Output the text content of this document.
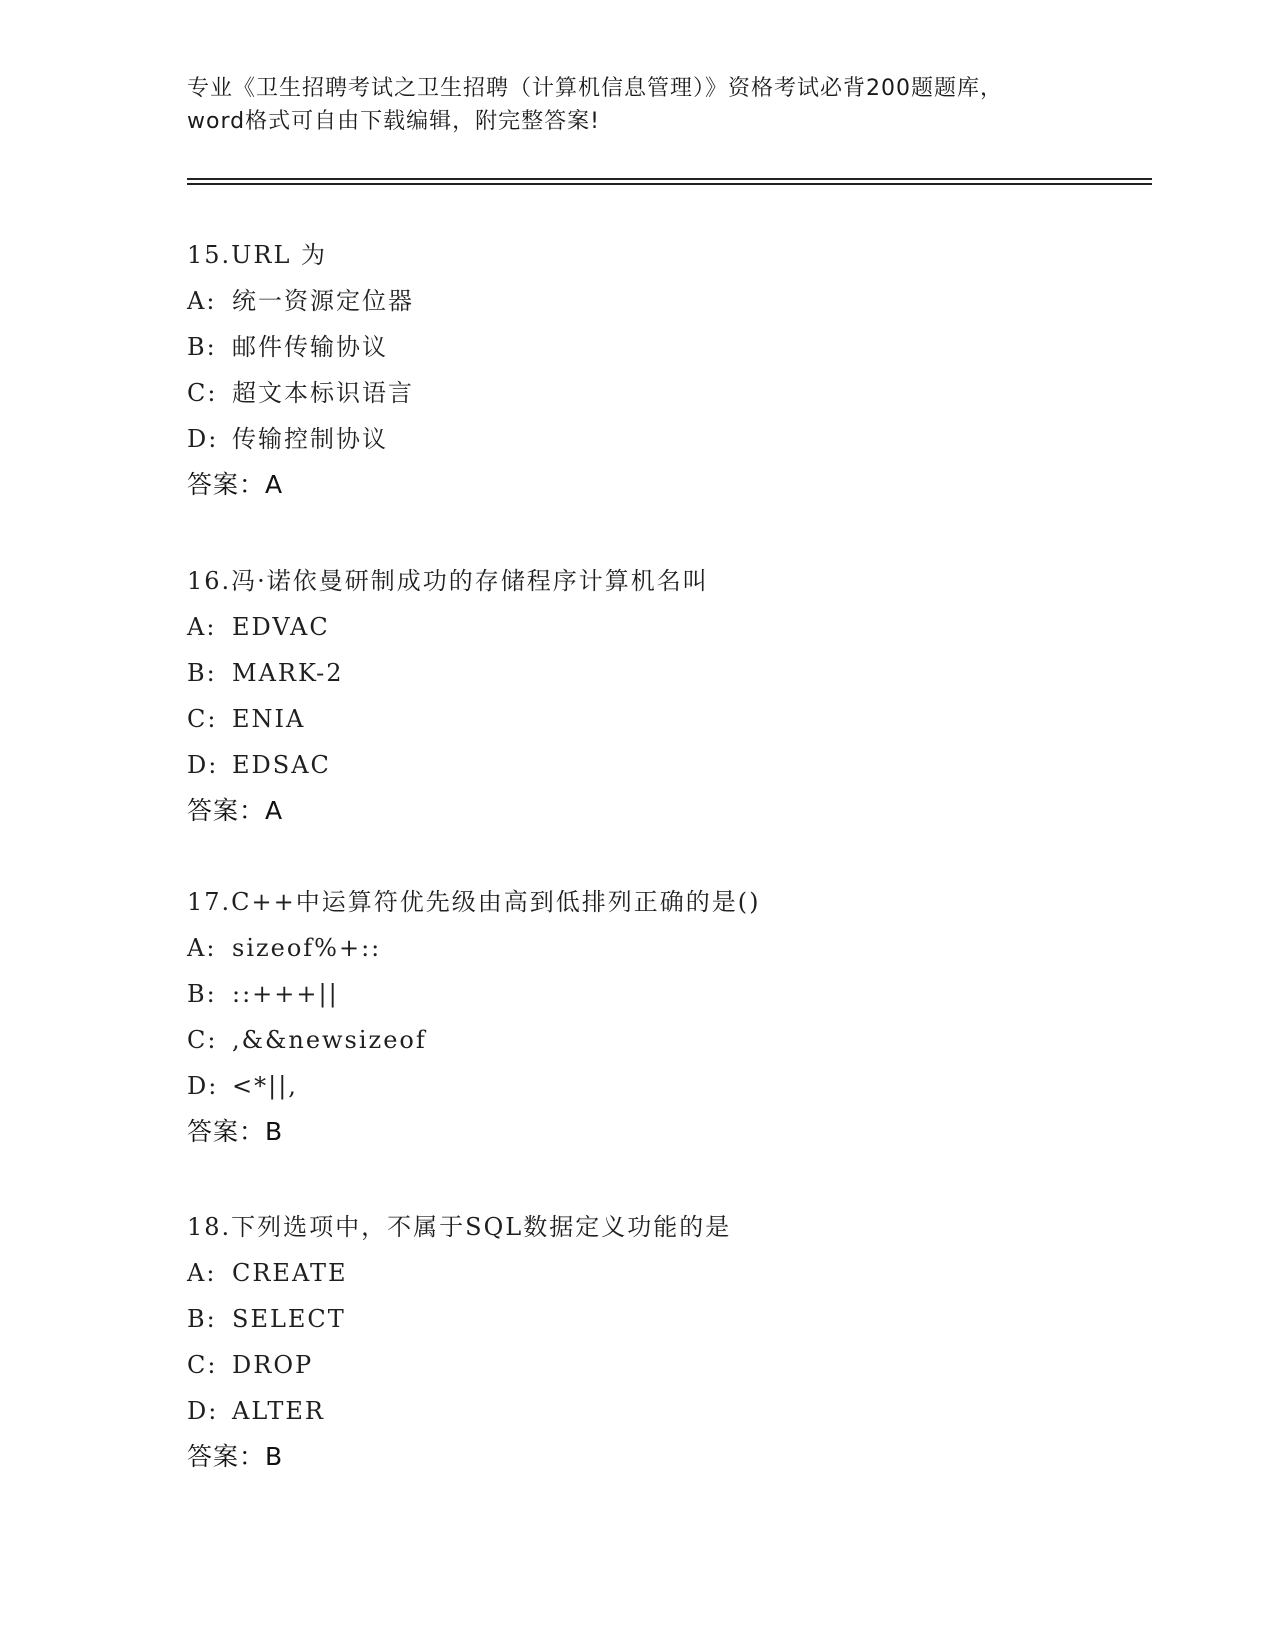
专业《卫生招聘考试之卫生招聘（计算机信息管理）》资格考试必背200题题库，
word格式可自由下载编辑，附完整答案!
15.URL 为
A: 统一资源定位器
B: 邮件传输协议
C: 超文本标识语言
D: 传输控制协议
答案：A
16.冯·诺依曼研制成功的存储程序计算机名叫
A: EDVAC
B: MARK-2
C: ENIA
D: EDSAC
答案：A
17.C++中运算符优先级由高到低排列正确的是()
A: sizeof%+::
B: ::+++||
C: ,&&newsizeof
D: <*||,
答案：B
18.下列选项中，不属于SQL数据定义功能的是
A: CREATE
B: SELECT
C: DROP
D: ALTER
答案：B
